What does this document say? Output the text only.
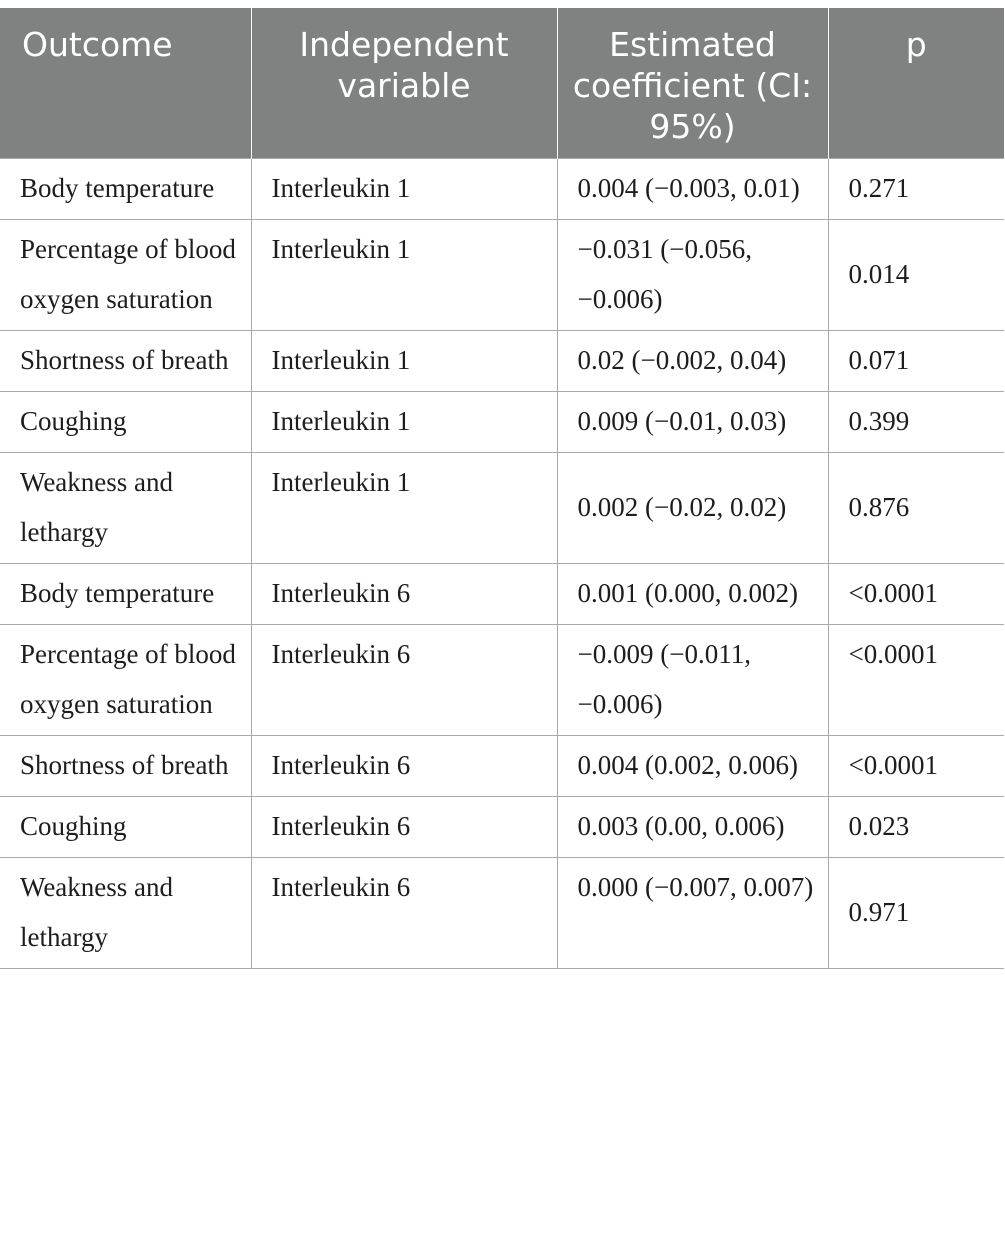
Outcome	Independent variable	Estimated coefficient (CI: 95%)	p
Body temperature	Interleukin 1	0.004 (−0.003, 0.01)	0.271
Percentage of blood oxygen saturation	Interleukin 1	−0.031 (−0.056, −0.006)	0.014
Shortness of breath	Interleukin 1	0.02 (−0.002, 0.04)	0.071
Coughing	Interleukin 1	0.009 (−0.01, 0.03)	0.399
Weakness and lethargy	Interleukin 1	0.002 (−0.02, 0.02)	0.876
Body temperature	Interleukin 6	0.001 (0.000, 0.002)	<0.0001
Percentage of blood oxygen saturation	Interleukin 6	−0.009 (−0.011, −0.006)	<0.0001
Shortness of breath	Interleukin 6	0.004 (0.002, 0.006)	<0.0001
Coughing	Interleukin 6	0.003 (0.00, 0.006)	0.023
Weakness and lethargy	Interleukin 6	0.000 (−0.007, 0.007)	0.971
